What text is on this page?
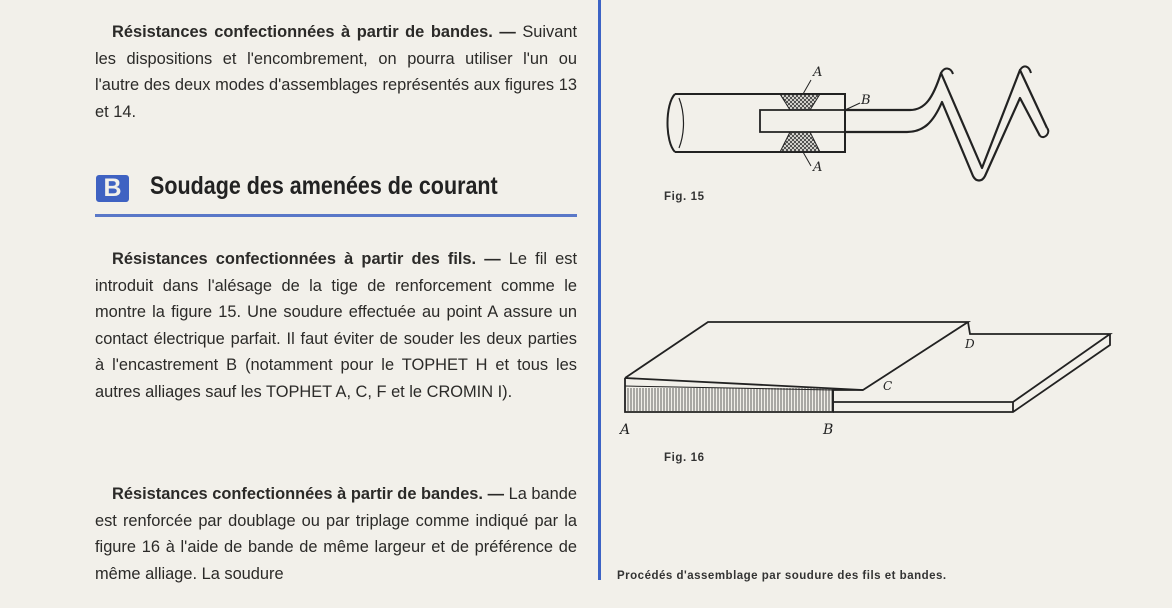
Résistances confectionnées à partir de bandes. — Suivant les dispositions et l'encombrement, on pourra utiliser l'un ou l'autre des deux modes d'assemblages représentés aux figures 13 et 14.

B Soudage des amenées de courant

Résistances confectionnées à partir des fils. — Le fil est introduit dans l'alésage de la tige de renforcement comme le montre la figure 15. Une soudure effectuée au point A assure un contact électrique parfait. Il faut éviter de souder les deux parties à l'encastrement B (notamment pour le TOPHET H et tous les autres alliages sauf les TOPHET A, C, F et le CROMIN I).

Résistances confectionnées à partir de bandes. — La bande est renforcée par doublage ou par triplage comme indiqué par la figure 16 à l'aide de bande de même largeur et de préférence de même alliage. La soudure

A
B
A
Fig. 15
A	B
C
D
Fig. 16
Procédés d'assemblage par soudure des fils et bandes.
